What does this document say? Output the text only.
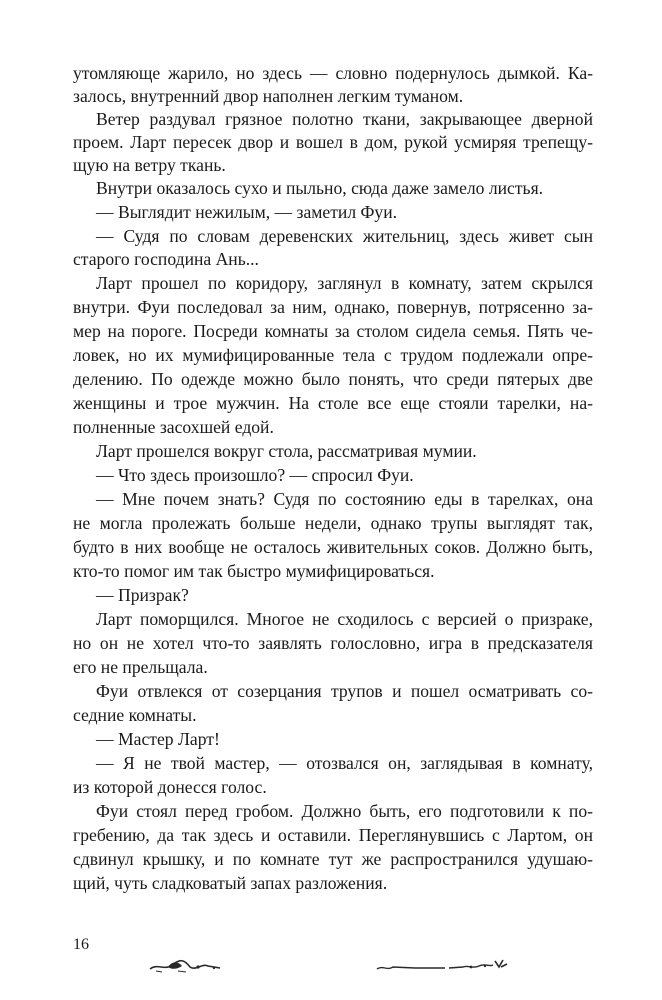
утомляюще жарило, но здесь — словно подернулось дымкой. Ка-
залось, внутренний двор наполнен легким туманом.
Ветер раздувал грязное полотно ткани, закрывающее дверной
проем. Ларт пересек двор и вошел в дом, рукой усмиряя трепещу-
щую на ветру ткань.
Внутри оказалось сухо и пыльно, сюда даже замело листья.
— Выглядит нежилым, — заметил Фуи.
— Судя по словам деревенских жительниц, здесь живет сын
старого господина Ань...
Ларт прошел по коридору, заглянул в комнату, затем скрылся
внутри. Фуи последовал за ним, однако, повернув, потрясенно за-
мер на пороге. Посреди комнаты за столом сидела семья. Пять че-
ловек, но их мумифицированные тела с трудом подлежали опре-
делению. По одежде можно было понять, что среди пятерых две
женщины и трое мужчин. На столе все еще стояли тарелки, на-
полненные засохшей едой.
Ларт прошелся вокруг стола, рассматривая мумии.
— Что здесь произошло? — спросил Фуи.
— Мне почем знать? Судя по состоянию еды в тарелках, она
не могла пролежать больше недели, однако трупы выглядят так,
будто в них вообще не осталось живительных соков. Должно быть,
кто-то помог им так быстро мумифицироваться.
— Призрак?
Ларт поморщился. Многое не сходилось с версией о призраке,
но он не хотел что-то заявлять голословно, игра в предсказателя
его не прельщала.
Фуи отвлекся от созерцания трупов и пошел осматривать со-
седние комнаты.
— Мастер Ларт!
— Я не твой мастер, — отозвался он, заглядывая в комнату,
из которой донесся голос.
Фуи стоял перед гробом. Должно быть, его подготовили к по-
гребению, да так здесь и оставили. Переглянувшись с Лартом, он
сдвинул крышку, и по комнате тут же распространился удушаю-
щий, чуть сладковатый запах разложения.
16
